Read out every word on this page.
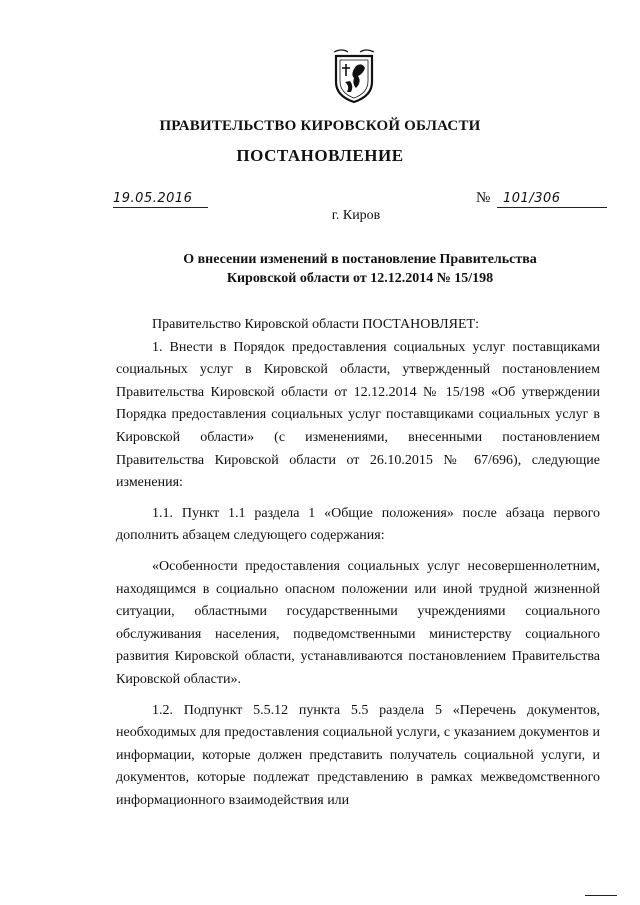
ПРАВИТЕЛЬСТВО КИРОВСКОЙ ОБЛАСТИ
ПОСТАНОВЛЕНИЕ
19.05.2016	№ 101/306
г. Киров
О внесении изменений в постановление Правительства
Кировской области от 12.12.2014 № 15/198

Правительство Кировской области ПОСТАНОВЛЯЕТ:

1. Внести в Порядок предоставления социальных услуг поставщиками социальных услуг в Кировской области, утвержденный постановлением Правительства Кировской области от 12.12.2014 № 15/198 «Об утверждении Порядка предоставления социальных услуг поставщиками социальных услуг в Кировской области» (с изменениями, внесенными постановлением Правительства Кировской области от 26.10.2015 № 67/696), следующие изменения:

1.1. Пункт 1.1 раздела 1 «Общие положения» после абзаца первого дополнить абзацем следующего содержания:

«Особенности предоставления социальных услуг несовершеннолетним, находящимся в социально опасном положении или иной трудной жизненной ситуации, областными государственными учреждениями социального обслуживания населения, подведомственными министерству социального развития Кировской области, устанавливаются постановлением Правительства Кировской области».

1.2. Подпункт 5.5.12 пункта 5.5 раздела 5 «Перечень документов, необходимых для предоставления социальной услуги, с указанием документов и информации, которые должен представить получатель социальной услуги, и документов, которые подлежат представлению в рамках межведомственного информационного взаимодействия или
